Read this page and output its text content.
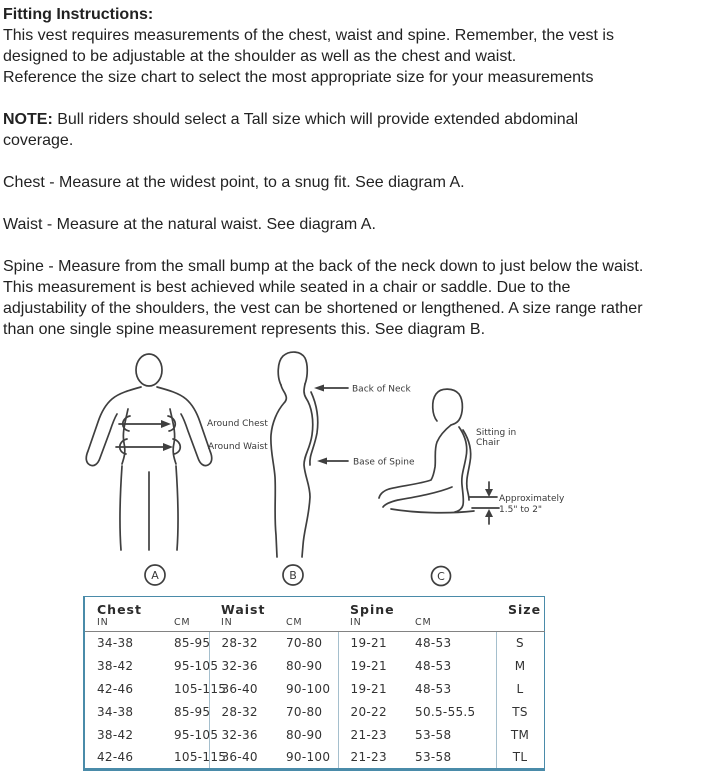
Fitting Instructions:
This vest requires measurements of the chest, waist and spine. Remember, the vest is
designed to be adjustable at the shoulder as well as the chest and waist.
Reference the size chart to select the most appropriate size for your measurements
NOTE: Bull riders should select a Tall size which will provide extended abdominal
coverage.
Chest - Measure at the widest point, to a snug fit. See diagram A.
Waist - Measure at the natural waist. See diagram A.
Spine - Measure from the small bump at the back of the neck down to just below the waist.
This measurement is best achieved while seated in a chair or saddle. Due to the
adjustability of the shoulders, the vest can be shortened or lengthened. A size range rather
than one single spine measurement represents this. See diagram B.
Around Chest
Around Waist
Back of Neck
Base of Spine
Sitting in
Chair
Approximately
1.5" to 2"
A	B	C
Chest		Waist		Spine		Size
IN	CM	IN	CM	IN	CM	
34-38	85-95	28-32	70-80	19-21	48-53	S
38-42	95-105	32-36	80-90	19-21	48-53	M
42-46	105-115	36-40	90-100	19-21	48-53	L
34-38	85-95	28-32	70-80	20-22	50.5-55.5	TS
38-42	95-105	32-36	80-90	21-23	53-58	TM
42-46	105-115	36-40	90-100	21-23	53-58	TL
